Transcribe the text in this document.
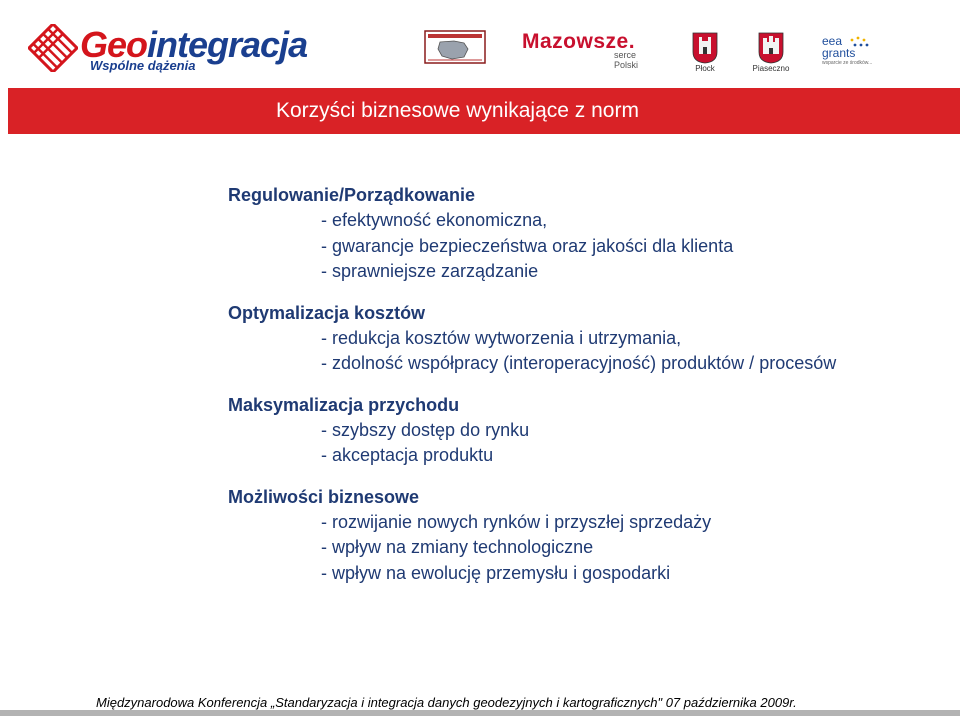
Geointegracja
Wspólne dążenia
Mazowsze.
serce Polski	Płock	Piaseczno
eea
grants
wsparcie ze środków...
Korzyści biznesowe wynikające z norm
Regulowanie/Porządkowanie
- efektywność ekonomiczna,
- gwarancje bezpieczeństwa oraz jakości dla klienta
- sprawniejsze zarządzanie
Optymalizacja kosztów
- redukcja kosztów wytworzenia i utrzymania,
- zdolność współpracy (interoperacyjność) produktów / procesów
Maksymalizacja przychodu
- szybszy dostęp do rynku
- akceptacja produktu
Możliwości biznesowe
- rozwijanie nowych rynków i przyszłej sprzedaży
- wpływ na zmiany technologiczne
- wpływ na ewolucję przemysłu i gospodarki
Międzynarodowa Konferencja „Standaryzacja i integracja danych geodezyjnych i kartograficznych" 07 października 2009r.
